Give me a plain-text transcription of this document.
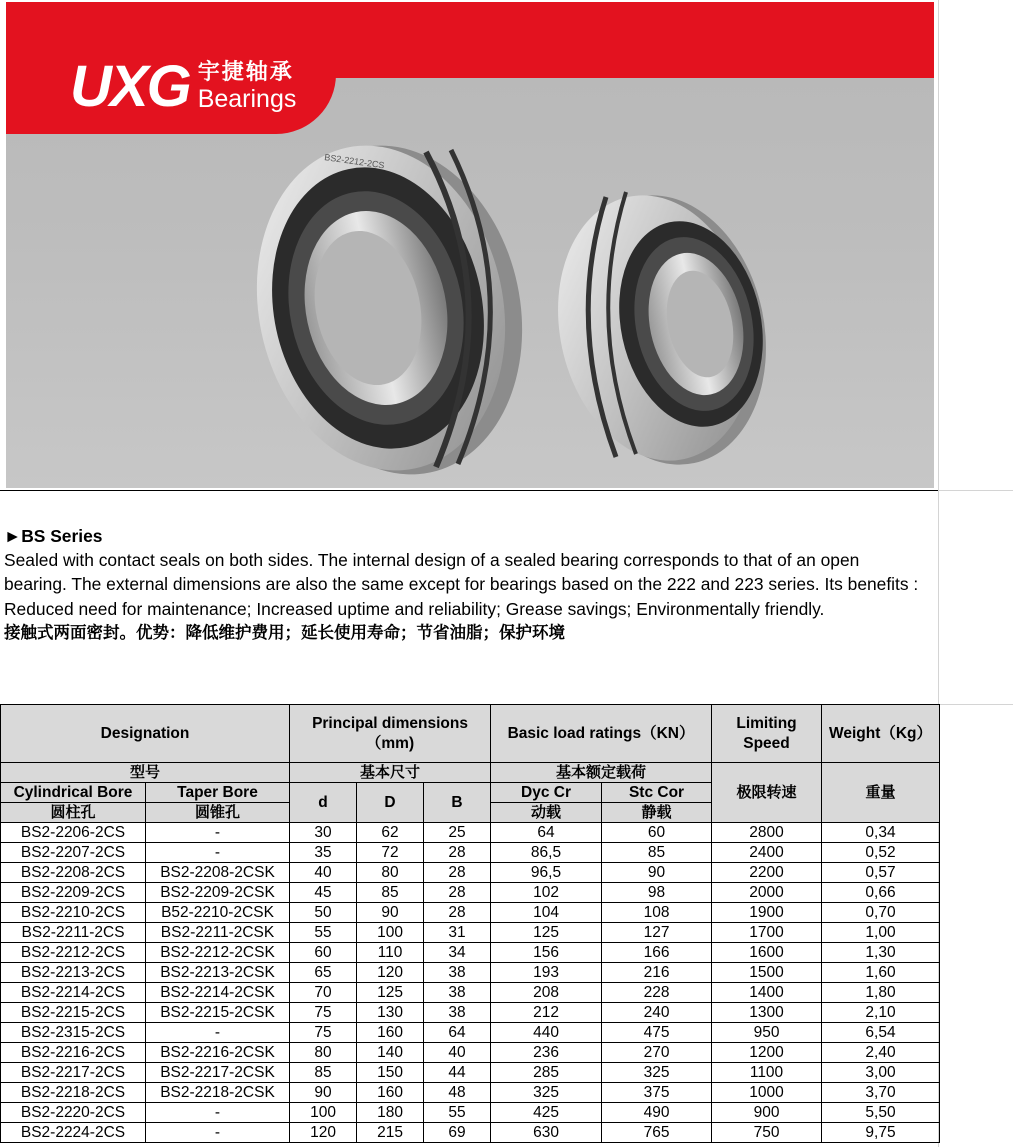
UXG 宇捷轴承
Bearings
BS2-2212-2CS
►BS Series

Sealed with contact seals on both sides. The internal design of a sealed bearing corresponds to that of an open bearing. The external dimensions are also the same except for bearings based on the 222 and 223 series. Its benefits : Reduced need for maintenance; Increased uptime and reliability; Grease savings; Environmentally friendly.

接触式两面密封。优势：降低维护费用；延长使用寿命；节省油脂；保护环境

Designation		Principal dimensions （mm)			Basic load ratings（KN）		Limiting Speed	Weight（Kg）
型号		基本尺寸			基本额定载荷		极限转速	重量
Cylindrical Bore	Taper Bore	d	D	B	Dyc Cr	Stc Cor		
圆柱孔	圆锥孔				动载	静载		
BS2-2206-2CS	-	30	62	25	64	60	2800	0,34
BS2-2207-2CS	-	35	72	28	86,5	85	2400	0,52
BS2-2208-2CS	BS2-2208-2CSK	40	80	28	96,5	90	2200	0,57
BS2-2209-2CS	BS2-2209-2CSK	45	85	28	102	98	2000	0,66
BS2-2210-2CS	B52-2210-2CSK	50	90	28	104	108	1900	0,70
BS2-2211-2CS	BS2-2211-2CSK	55	100	31	125	127	1700	1,00
BS2-2212-2CS	BS2-2212-2CSK	60	110	34	156	166	1600	1,30
BS2-2213-2CS	BS2-2213-2CSK	65	120	38	193	216	1500	1,60
BS2-2214-2CS	BS2-2214-2CSK	70	125	38	208	228	1400	1,80
BS2-2215-2CS	BS2-2215-2CSK	75	130	38	212	240	1300	2,10
BS2-2315-2CS	-	75	160	64	440	475	950	6,54
BS2-2216-2CS	BS2-2216-2CSK	80	140	40	236	270	1200	2,40
BS2-2217-2CS	BS2-2217-2CSK	85	150	44	285	325	1100	3,00
BS2-2218-2CS	BS2-2218-2CSK	90	160	48	325	375	1000	3,70
BS2-2220-2CS	-	100	180	55	425	490	900	5,50
BS2-2224-2CS	-	120	215	69	630	765	750	9,75
